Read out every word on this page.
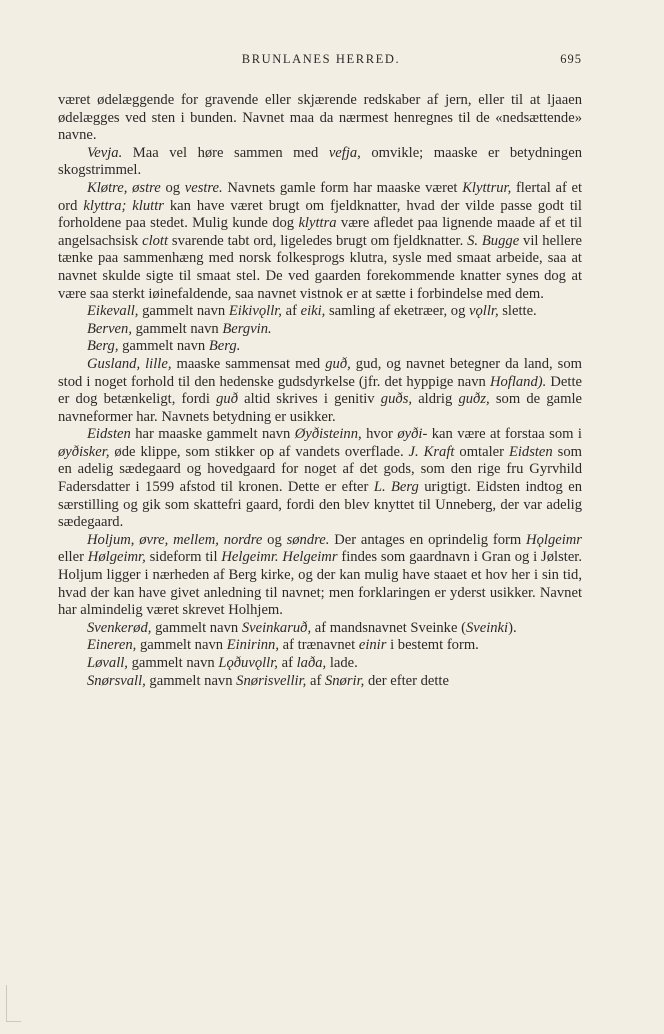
BRUNLANES HERRED.	695

været ødelæggende for gravende eller skjærende redskaber af jern, eller til at ljaaen ødelægges ved sten i bunden. Navnet maa da nærmest henregnes til de «nedsættende» navne.

Vevja. Maa vel høre sammen med vefja, omvikle; maaske er betydningen skogstrimmel.

Kløtre, østre og vestre. Navnets gamle form har maaske været Klyttrur, flertal af et ord klyttra; kluttr kan have været brugt om fjeldknatter, hvad der vilde passe godt til forholdene paa stedet. Mulig kunde dog klyttra være afledet paa lignende maade af et til angelsachsisk clott svarende tabt ord, ligeledes brugt om fjeldknatter. S. Bugge vil hellere tænke paa sammenhæng med norsk folkesprogs klutra, sysle med smaat arbeide, saa at navnet skulde sigte til smaat stel. De ved gaarden forekommende knatter synes dog at være saa sterkt iøinefaldende, saa navnet vistnok er at sætte i forbindelse med dem.

Eikevall, gammelt navn Eikivǫllr, af eiki, samling af eketræer, og vǫllr, slette.

Berven, gammelt navn Bergvin.

Berg, gammelt navn Berg.

Gusland, lille, maaske sammensat med guð, gud, og navnet betegner da land, som stod i noget forhold til den hedenske gudsdyrkelse (jfr. det hyppige navn Hofland). Dette er dog betænkeligt, fordi guð altid skrives i genitiv guðs, aldrig guðz, som de gamle navneformer har. Navnets betydning er usikker.

Eidsten har maaske gammelt navn Øyðisteinn, hvor øyði- kan være at forstaa som i øyðisker, øde klippe, som stikker op af vandets overflade. J. Kraft omtaler Eidsten som en adelig sædegaard og hovedgaard for noget af det gods, som den rige fru Gyrvhild Fadersdatter i 1599 afstod til kronen. Dette er efter L. Berg urigtigt. Eidsten indtog en særstilling og gik som skattefri gaard, fordi den blev knyttet til Unneberg, der var adelig sædegaard.

Holjum, øvre, mellem, nordre og søndre. Der antages en oprindelig form Hǫlgeimr eller Hølgeimr, sideform til Helgeimr. Helgeimr findes som gaardnavn i Gran og i Jølster. Holjum ligger i nærheden af Berg kirke, og der kan mulig have staaet et hov her i sin tid, hvad der kan have givet anledning til navnet; men forklaringen er yderst usikker. Navnet har almindelig været skrevet Holhjem.

Svenkerød, gammelt navn Sveinkaruð, af mandsnavnet Sveinke (Sveinki).

Eineren, gammelt navn Einirinn, af trænavnet einir i bestemt form.

Løvall, gammelt navn Lǫðuvǫllr, af laða, lade.

Snørsvall, gammelt navn Snørisvellir, af Snørir, der efter dette
